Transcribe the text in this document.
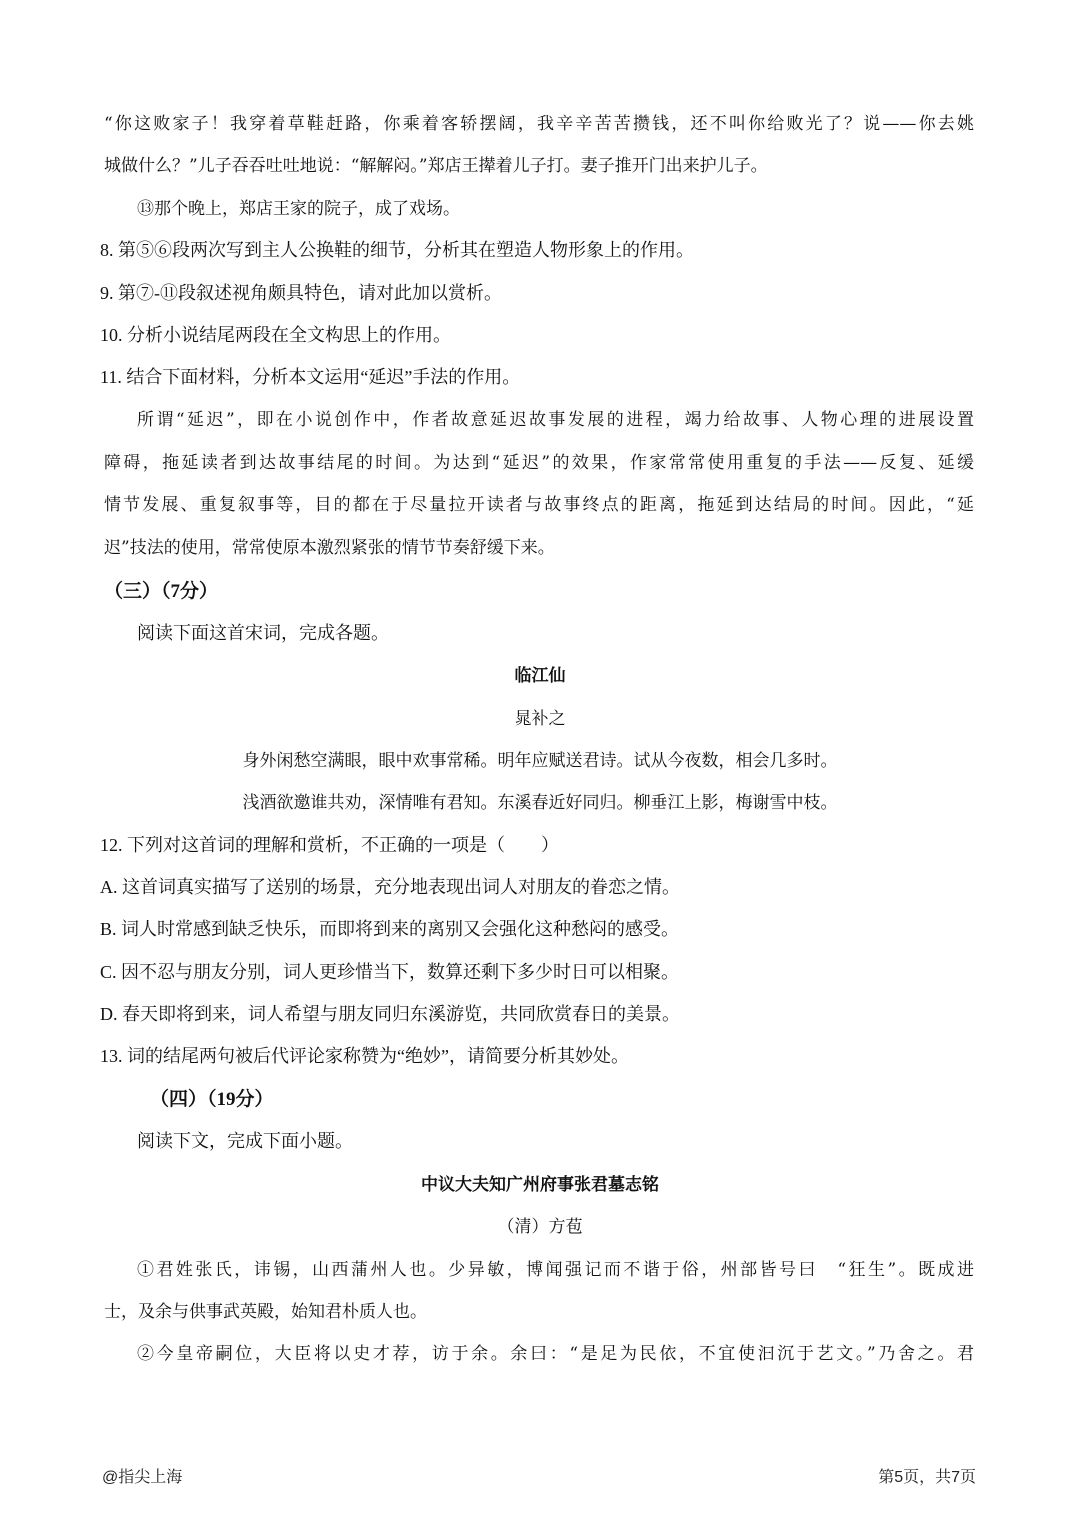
“你这败家子！我穿着草鞋赶路，你乘着客轿摆阔，我辛辛苦苦攒钱，还不叫你给败光了？说——你去姚
城做什么？”儿子吞吞吐吐地说：“解解闷。”郑店王撵着儿子打。妻子推开门出来护儿子。
⑬那个晚上，郑店王家的院子，成了戏场。
8. 第⑤⑥段两次写到主人公换鞋的细节，分析其在塑造人物形象上的作用。
9. 第⑦-⑪段叙述视角颇具特色，请对此加以赏析。
10. 分析小说结尾两段在全文构思上的作用。
11. 结合下面材料，分析本文运用“延迟”手法的作用。
所谓“延迟”，即在小说创作中，作者故意延迟故事发展的进程，竭力给故事、人物心理的进展设置
障碍，拖延读者到达故事结尾的时间。为达到“延迟”的效果，作家常常使用重复的手法——反复、延缓
情节发展、重复叙事等，目的都在于尽量拉开读者与故事终点的距离，拖延到达结局的时间。因此，“延
迟”技法的使用，常常使原本激烈紧张的情节节奏舒缓下来。
（三）（7分）
阅读下面这首宋词，完成各题。
临江仙
晁补之
身外闲愁空满眼，眼中欢事常稀。明年应赋送君诗。试从今夜数，相会几多时。
浅酒欲邀谁共劝，深情唯有君知。东溪春近好同归。柳垂江上影，梅谢雪中枝。
12. 下列对这首词的理解和赏析，不正确的一项是（　　）
A. 这首词真实描写了送别的场景，充分地表现出词人对朋友的眷恋之情。
B. 词人时常感到缺乏快乐，而即将到来的离别又会强化这种愁闷的感受。
C. 因不忍与朋友分别，词人更珍惜当下，数算还剩下多少时日可以相聚。
D. 春天即将到来，词人希望与朋友同归东溪游览，共同欣赏春日的美景。
13. 词的结尾两句被后代评论家称赞为“绝妙”，请简要分析其妙处。
（四）（19分）
阅读下文，完成下面小题。
中议大夫知广州府事张君墓志铭
（清）方苞
①君姓张氏，讳锡，山西蒲州人也。少异敏，博闻强记而不谐于俗，州部皆号曰　“狂生”。既成进
士，及余与供事武英殿，始知君朴质人也。
②今皇帝嗣位，大臣将以史才荐，访于余。余曰：“是足为民依，不宜使汩沉于艺文。”乃舍之。君
@指尖上海	第5页，共7页
